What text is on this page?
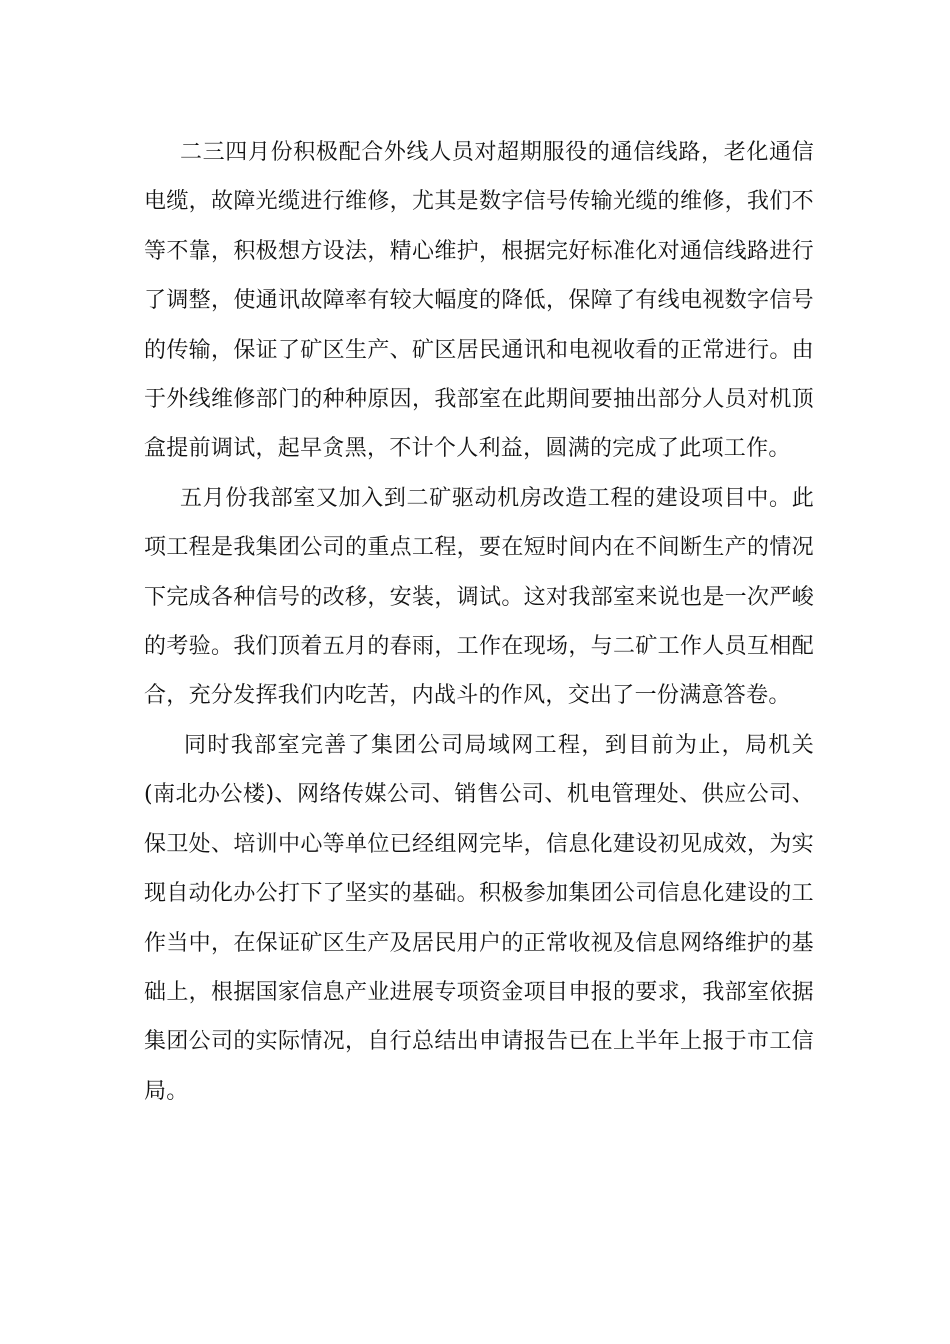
二三四月份积极配合外线人员对超期服役的通信线路，老化通信电缆，故障光缆进行维修，尤其是数字信号传输光缆的维修，我们不等不靠，积极想方设法，精心维护，根据完好标准化对通信线路进行了调整，使通讯故障率有较大幅度的降低，保障了有线电视数字信号的传输，保证了矿区生产、矿区居民通讯和电视收看的正常进行。由于外线维修部门的种种原因，我部室在此期间要抽出部分人员对机顶盒提前调试，起早贪黑，不计个人利益，圆满的完成了此项工作。

五月份我部室又加入到二矿驱动机房改造工程的建设项目中。此项工程是我集团公司的重点工程，要在短时间内在不间断生产的情况下完成各种信号的改移，安装，调试。这对我部室来说也是一次严峻的考验。我们顶着五月的春雨，工作在现场，与二矿工作人员互相配合，充分发挥我们内吃苦，内战斗的作风，交出了一份满意答卷。

同时我部室完善了集团公司局域网工程，到目前为止，局机关(南北办公楼)、网络传媒公司、销售公司、机电管理处、供应公司、保卫处、培训中心等单位已经组网完毕，信息化建设初见成效，为实现自动化办公打下了坚实的基础。积极参加集团公司信息化建设的工作当中，在保证矿区生产及居民用户的正常收视及信息网络维护的基础上，根据国家信息产业进展专项资金项目申报的要求，我部室依据集团公司的实际情况，自行总结出申请报告已在上半年上报于市工信局。
